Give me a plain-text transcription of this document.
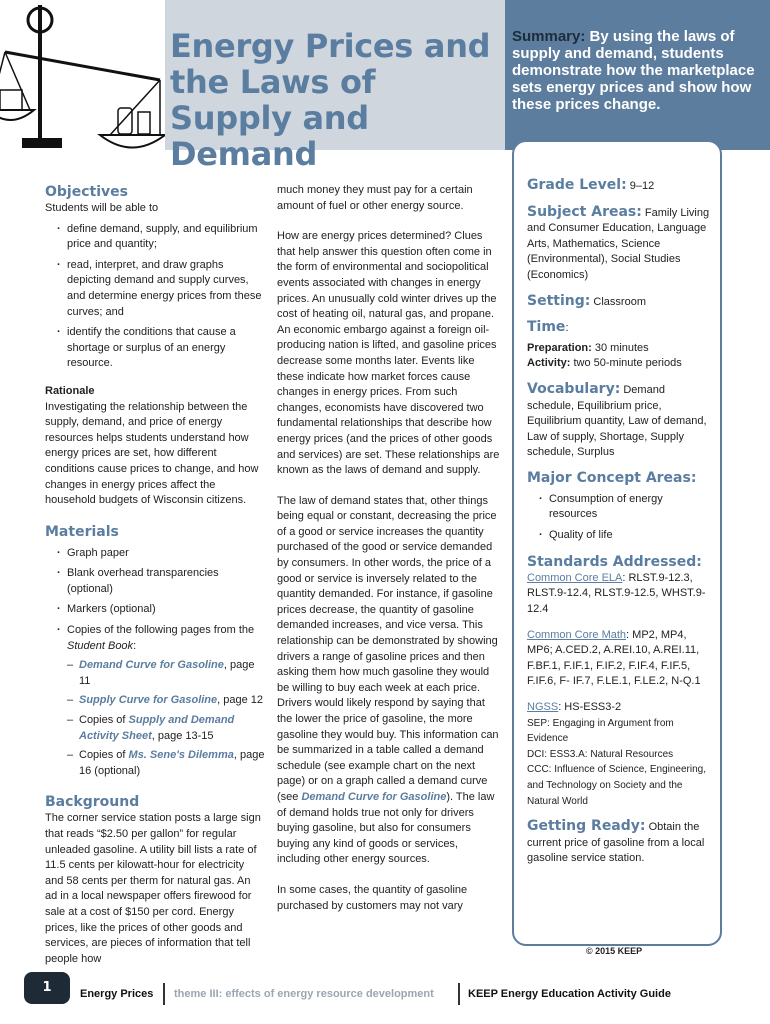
Energy Prices and the Laws of Supply and Demand
Summary: By using the laws of supply and demand, students demonstrate how the marketplace sets energy prices and show how these prices change.
Objectives

Students will be able to

· define demand, supply, and equilibrium price and quantity;
· read, interpret, and draw graphs depicting demand and supply curves, and determine energy prices from these curves; and
· identify the conditions that cause a shortage or surplus of an energy resource.
Rationale

Investigating the relationship between the supply, demand, and price of energy resources helps students understand how energy prices are set, how different conditions cause prices to change, and how changes in energy prices affect the household budgets of Wisconsin citizens.

Materials
· Graph paper
· Blank overhead transparencies (optional)
· Markers (optional)
· Copies of the following pages from the Student Book:
– Demand Curve for Gasoline, page 11
– Supply Curve for Gasoline, page 12
– Copies of Supply and Demand Activity Sheet, page 13-15
– Copies of Ms. Sene's Dilemma, page 16 (optional)
Background

The corner service station posts a large sign that reads “$2.50 per gallon” for regular unleaded gasoline. A utility bill lists a rate of 11.5 cents per kilowatt-hour for electricity and 58 cents per therm for natural gas. An ad in a local newspaper offers firewood for sale at a cost of $150 per cord. Energy prices, like the prices of other goods and services, are pieces of information that tell people how

much money they must pay for a certain amount of fuel or other energy source.

How are energy prices determined? Clues that help answer this question often come in the form of environmental and sociopolitical events associated with changes in energy prices. An unusually cold winter drives up the cost of heating oil, natural gas, and propane. An economic embargo against a foreign oil-producing nation is lifted, and gasoline prices decrease some months later. Events like these indicate how market forces cause changes in energy prices. From such changes, economists have discovered two fundamental relationships that describe how energy prices (and the prices of other goods and services) are set. These relationships are known as the laws of demand and supply.

The law of demand states that, other things being equal or constant, decreasing the price of a good or service increases the quantity purchased of the good or service demanded by consumers. In other words, the price of a good or service is inversely related to the quantity demanded. For instance, if gasoline prices decrease, the quantity of gasoline demanded increases, and vice versa. This relationship can be demonstrated by showing drivers a range of gasoline prices and then asking them how much gasoline they would be willing to buy each week at each price. Drivers would likely respond by saying that the lower the price of gasoline, the more gasoline they would buy. This information can be summarized in a table called a demand schedule (see example chart on the next page) or on a graph called a demand curve (see Demand Curve for Gasoline). The law of demand holds true not only for drivers buying gasoline, but also for consumers buying any kind of goods or services, including other energy sources.

In some cases, the quantity of gasoline purchased by customers may not vary

Grade Level: 9–12
Subject Areas: Family Living and Consumer Education, Language Arts, Mathematics, Science (Environmental), Social Studies (Economics)
Setting: Classroom
Time:
Preparation: 30 minutes
Activity: two 50-minute periods
Vocabulary: Demand schedule, Equilibrium price, Equilibrium quantity, Law of demand, Law of supply, Shortage, Supply schedule, Surplus
Major Concept Areas:
· Consumption of energy resources
· Quality of life
Standards Addressed:

Common Core ELA: RLST.9-12.3, RLST.9-12.4, RLST.9-12.5, WHST.9-12.4

Common Core Math: MP2, MP4, MP6; A.CED.2, A.REI.10, A.REI.11, F.BF.1, F.IF.1, F.IF.2, F.IF.4, F.IF.5, F.IF.6, F- IF.7, F.LE.1, F.LE.2, N-Q.1

NGSS: HS-ESS3-2

SEP: Engaging in Argument from Evidence

DCI: ESS3.A: Natural Resources

CCC: Influence of Science, Engineering, and Technology on Society and the Natural World

Getting Ready: Obtain the current price of gasoline from a local gasoline service station.
© 2015 KEEP
1	Energy Prices theme III: effects of energy resource development	KEEP Energy Education Activity Guide
